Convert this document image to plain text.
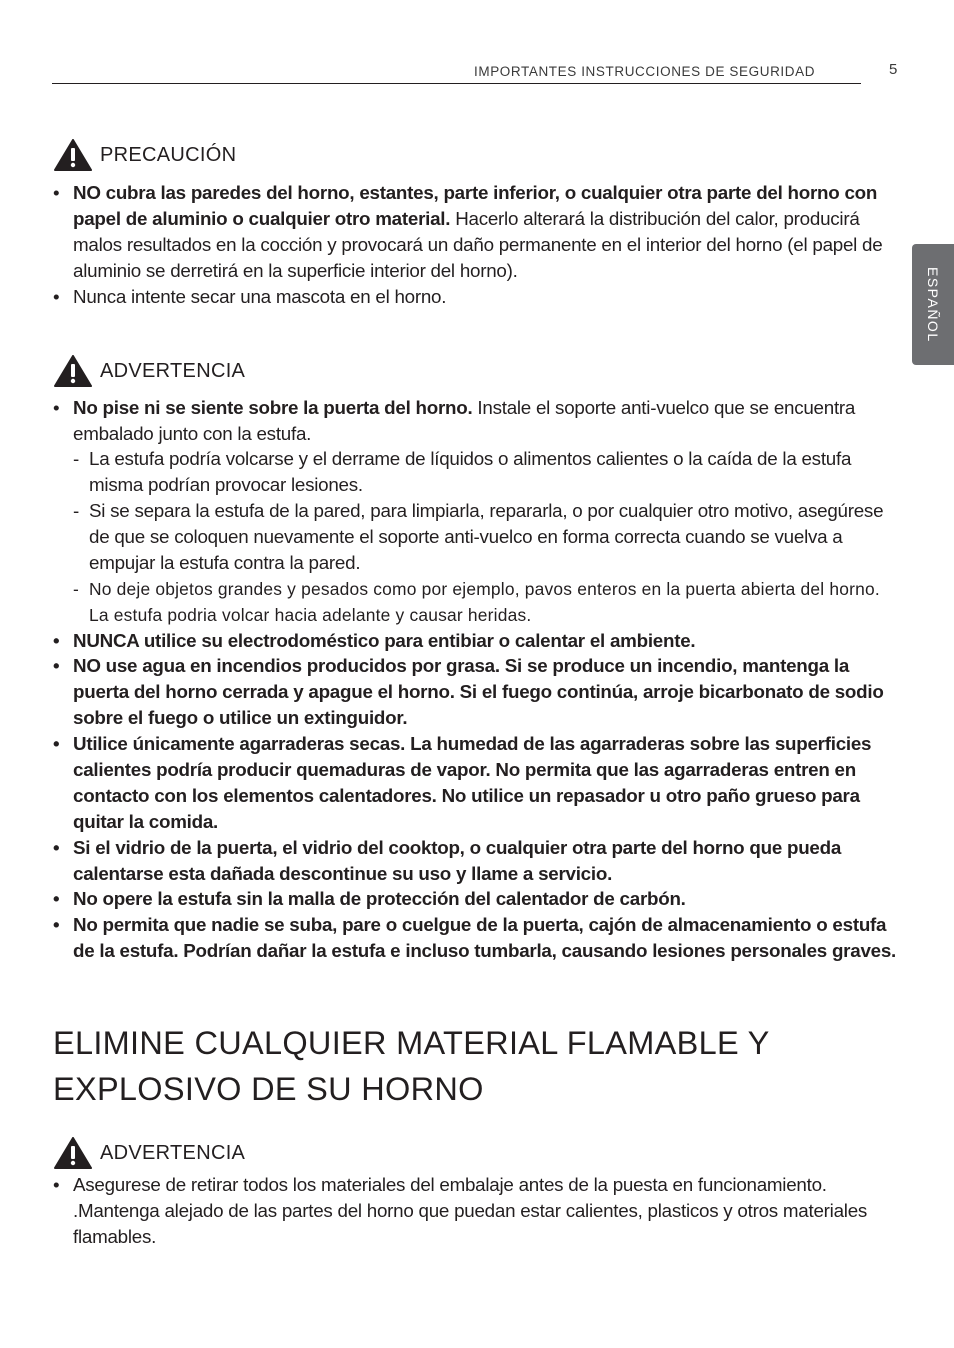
IMPORTANTES INSTRUCCIONES DE SEGURIDAD	5
ESPAÑOL
PRECAUCIÓN
• NO cubra las paredes del horno, estantes, parte inferior, o cualquier otra parte del horno con papel de aluminio o cualquier otro material. Hacerlo alterará la distribución del calor, producirá malos resultados en la cocción y provocará un daño permanente en el interior del horno (el papel de aluminio se derretirá en la superficie interior del horno).
• Nunca intente secar una mascota en el horno.
ADVERTENCIA
• No pise ni se siente sobre la puerta del horno. Instale el soporte anti-vuelco que se encuentra embalado junto con la estufa.
- La estufa podría volcarse y el derrame de líquidos o alimentos calientes o la caída de la estufa misma podrían provocar lesiones.
- Si se separa la estufa de la pared, para limpiarla, repararla, o por cualquier otro motivo, asegúrese de que se coloquen nuevamente el soporte anti-vuelco en forma correcta cuando se vuelva a empujar la estufa contra la pared.
- No deje objetos grandes y pesados como por ejemplo, pavos enteros en la puerta abierta del horno. La estufa podria volcar hacia adelante y causar heridas.
• NUNCA utilice su electrodoméstico para entibiar o calentar el ambiente.
• NO use agua en incendios producidos por grasa. Si se produce un incendio, mantenga la puerta del horno cerrada y apague el horno. Si el fuego continúa, arroje bicarbonato de sodio sobre el fuego o utilice un extinguidor.
• Utilice únicamente agarraderas secas. La humedad de las agarraderas sobre las superficies calientes podría producir quemaduras de vapor. No permita que las agarraderas entren en contacto con los elementos calentadores. No utilice un repasador u otro paño grueso para quitar la comida.
• Si el vidrio de la puerta, el vidrio del cooktop, o cualquier otra parte del horno que pueda calentarse esta dañada descontinue su uso y llame a servicio.
• No opere la estufa sin la malla de protección del calentador de carbón.
• No permita que nadie se suba, pare o cuelgue de la puerta, cajón de almacenamiento o estufa de la estufa. Podrían dañar la estufa e incluso tumbarla, causando lesiones personales graves.
ELIMINE CUALQUIER MATERIAL FLAMABLE Y EXPLOSIVO DE SU HORNO
ADVERTENCIA
• Asegurese de retirar todos los materiales del embalaje antes de la puesta en funcionamiento. .Mantenga alejado de las partes del horno que puedan estar calientes, plasticos y otros materiales flamables.
